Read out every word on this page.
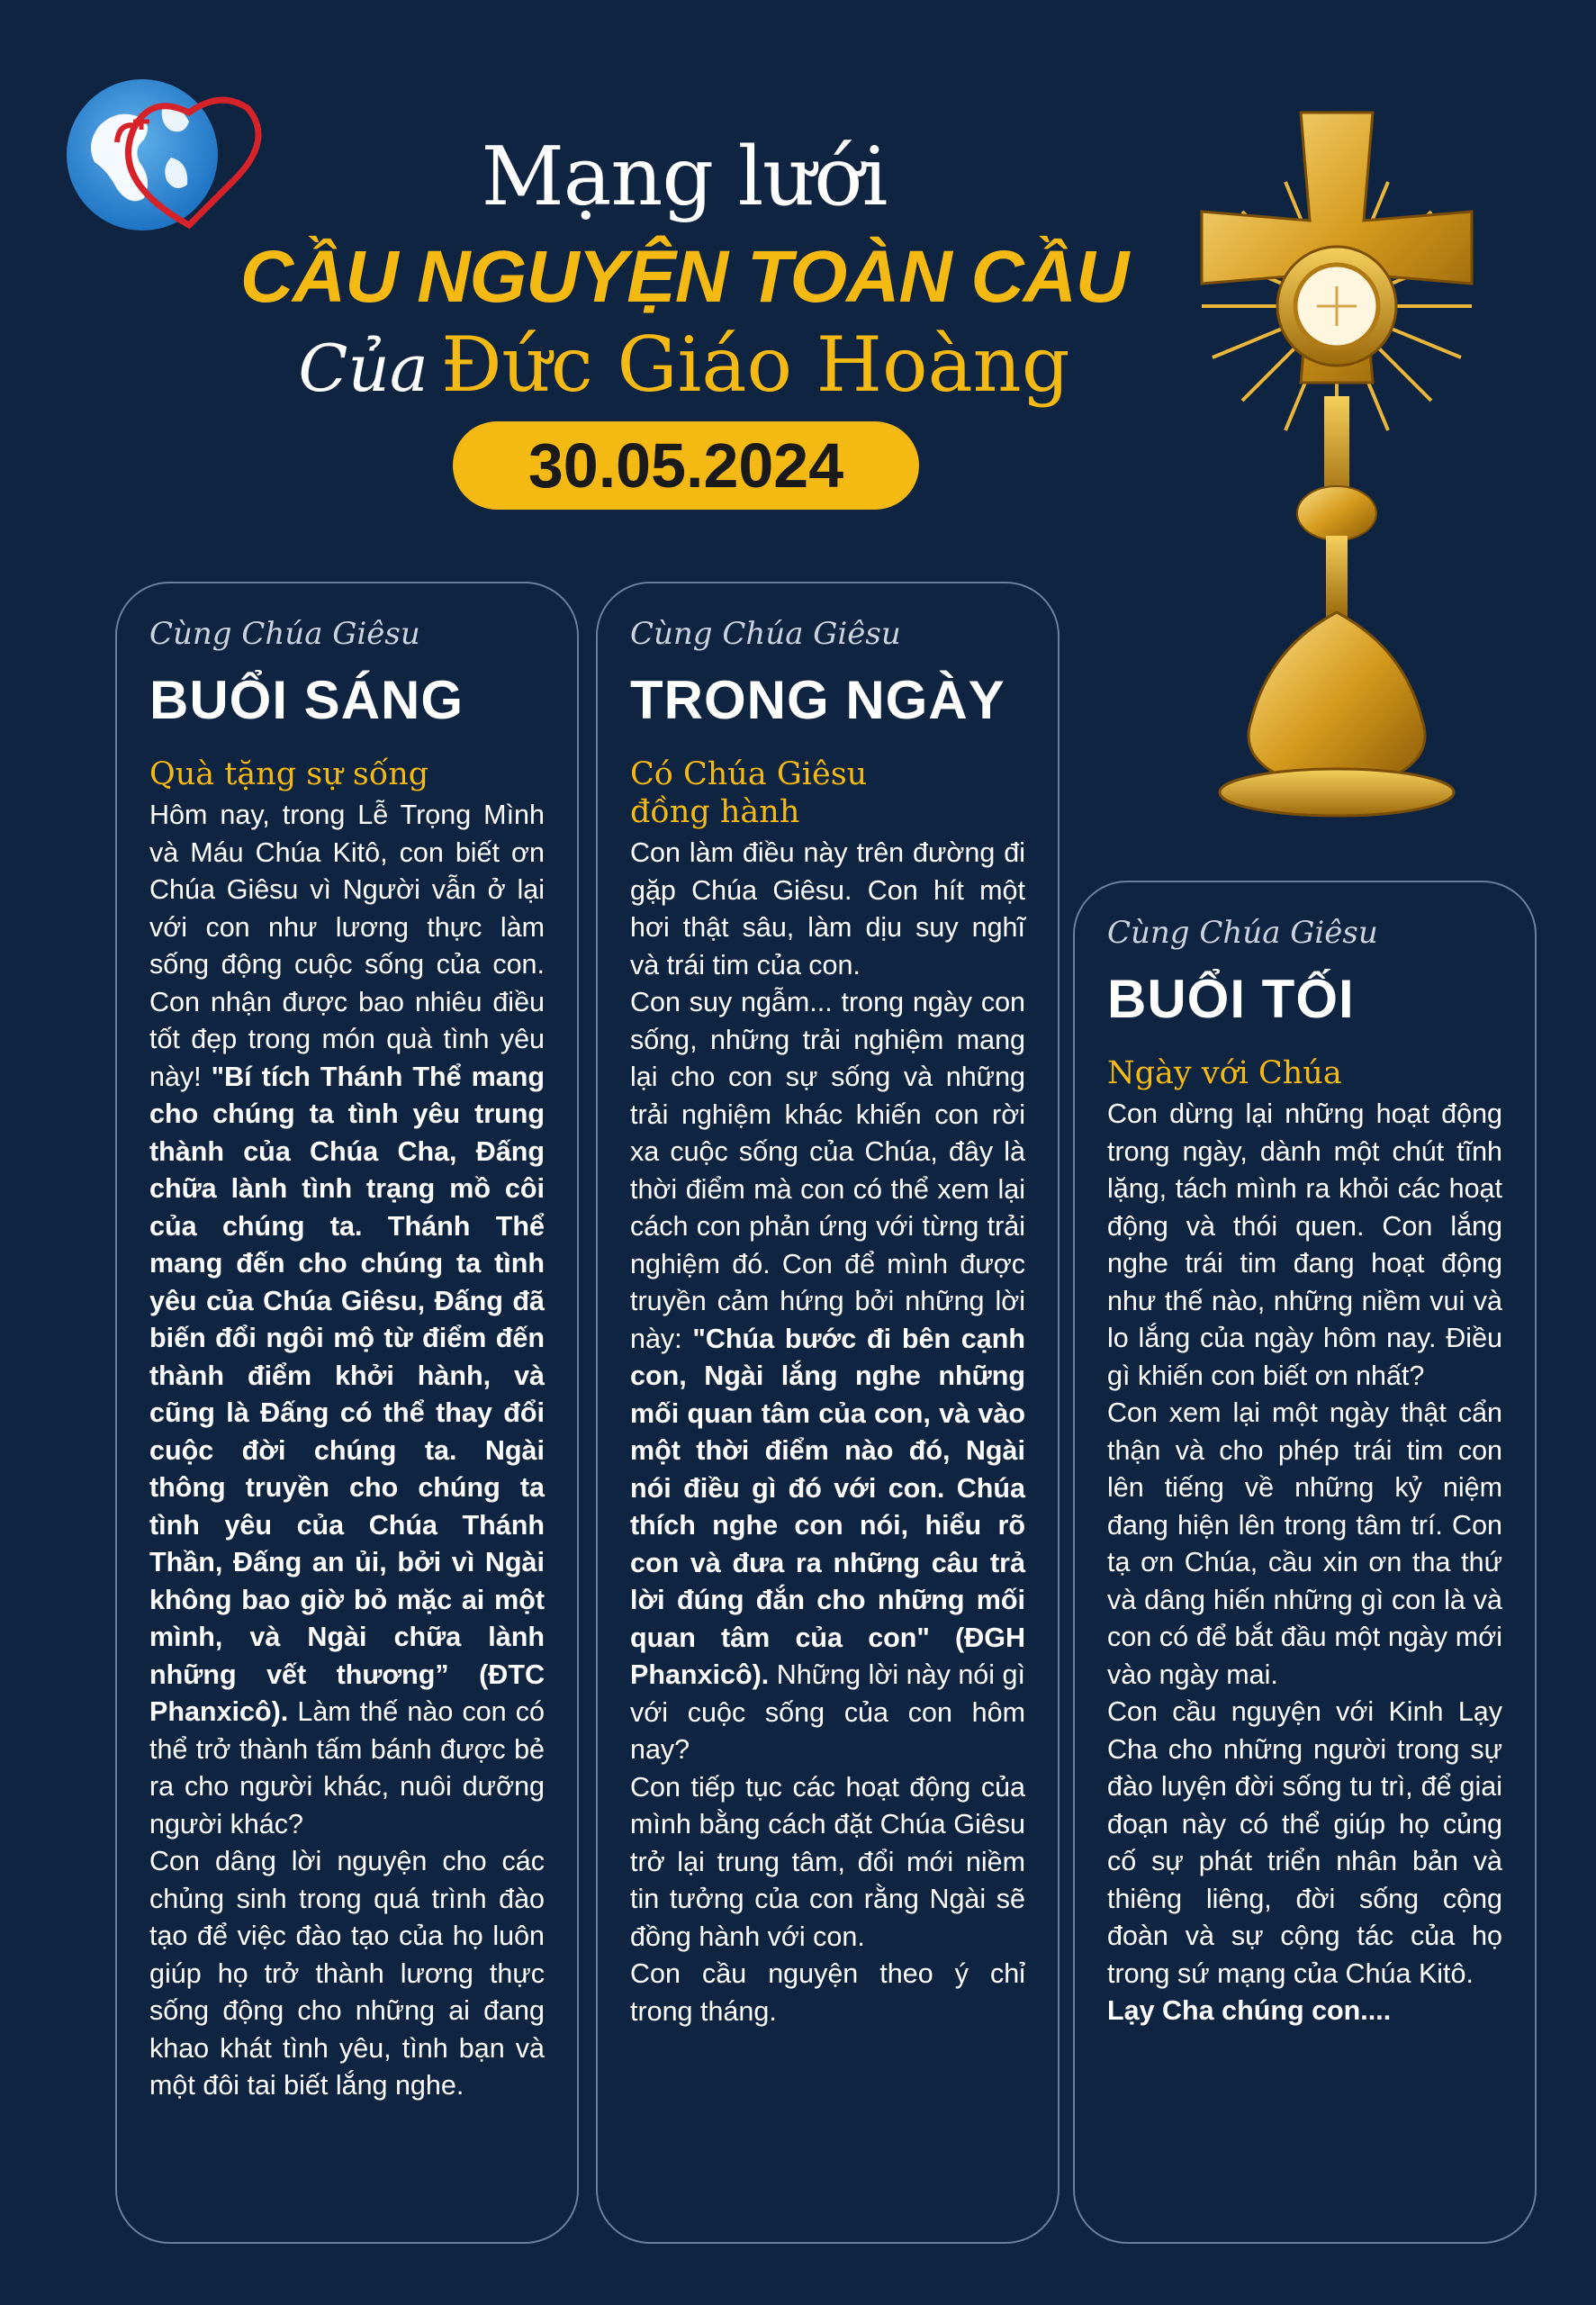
Mạng lưới
CẦU NGUYỆN TOÀN CẦU
Của Đức Giáo Hoàng
30.05.2024
Cùng Chúa Giêsu
BUỔI SÁNG
Quà tặng sự sống

Hôm nay, trong Lễ Trọng Mình và Máu Chúa Kitô, con biết ơn Chúa Giêsu vì Người vẫn ở lại với con như lương thực làm sống động cuộc sống của con. Con nhận được bao nhiêu điều tốt đẹp trong món quà tình yêu này! "Bí tích Thánh Thể mang cho chúng ta tình yêu trung thành của Chúa Cha, Đấng chữa lành tình trạng mồ côi của chúng ta. Thánh Thể mang đến cho chúng ta tình yêu của Chúa Giêsu, Đấng đã biến đổi ngôi mộ từ điểm đến thành điểm khởi hành, và cũng là Đấng có thể thay đổi cuộc đời chúng ta. Ngài thông truyền cho chúng ta tình yêu của Chúa Thánh Thần, Đấng an ủi, bởi vì Ngài không bao giờ bỏ mặc ai một mình, và Ngài chữa lành những vết thương” (ĐTC Phanxicô). Làm thế nào con có thể trở thành tấm bánh được bẻ ra cho người khác, nuôi dưỡng người khác?

Con dâng lời nguyện cho các chủng sinh trong quá trình đào tạo để việc đào tạo của họ luôn giúp họ trở thành lương thực sống động cho những ai đang khao khát tình yêu, tình bạn và một đôi tai biết lắng nghe.

Cùng Chúa Giêsu
TRONG NGÀY
Có Chúa Giêsu
đồng hành

Con làm điều này trên đường đi gặp Chúa Giêsu. Con hít một hơi thật sâu, làm dịu suy nghĩ và trái tim của con.

Con suy ngẫm... trong ngày con sống, những trải nghiệm mang lại cho con sự sống và những trải nghiệm khác khiến con rời xa cuộc sống của Chúa, đây là thời điểm mà con có thể xem lại cách con phản ứng với từng trải nghiệm đó. Con để mình được truyền cảm hứng bởi những lời này: "Chúa bước đi bên cạnh con, Ngài lắng nghe những mối quan tâm của con, và vào một thời điểm nào đó, Ngài nói điều gì đó với con. Chúa thích nghe con nói, hiểu rõ con và đưa ra những câu trả lời đúng đắn cho những mối quan tâm của con" (ĐGH Phanxicô). Những lời này nói gì với cuộc sống của con hôm nay?

Con tiếp tục các hoạt động của mình bằng cách đặt Chúa Giêsu trở lại trung tâm, đổi mới niềm tin tưởng của con rằng Ngài sẽ đồng hành với con.

Con cầu nguyện theo ý chỉ trong tháng.

Cùng Chúa Giêsu
BUỔI TỐI
Ngày với Chúa

Con dừng lại những hoạt động trong ngày, dành một chút tĩnh lặng, tách mình ra khỏi các hoạt động và thói quen. Con lắng nghe trái tim đang hoạt động như thế nào, những niềm vui và lo lắng của ngày hôm nay. Điều gì khiến con biết ơn nhất?

Con xem lại một ngày thật cẩn thận và cho phép trái tim con lên tiếng về những kỷ niệm đang hiện lên trong tâm trí. Con tạ ơn Chúa, cầu xin ơn tha thứ và dâng hiến những gì con là và con có để bắt đầu một ngày mới vào ngày mai.

Con cầu nguyện với Kinh Lạy Cha cho những người trong sự đào luyện đời sống tu trì, để giai đoạn này có thể giúp họ củng cố sự phát triển nhân bản và thiêng liêng, đời sống cộng đoàn và sự cộng tác của họ trong sứ mạng của Chúa Kitô.

Lạy Cha chúng con....
